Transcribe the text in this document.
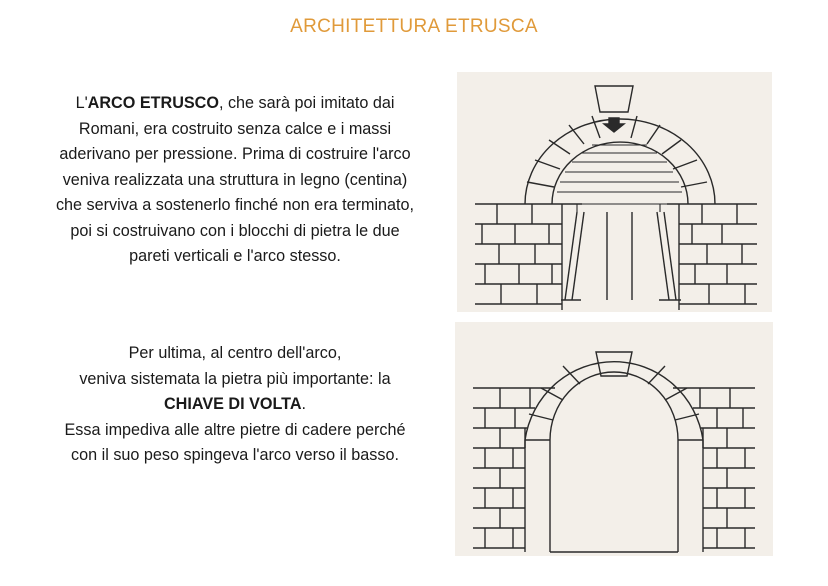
ARCHITETTURA ETRUSCA
L'ARCO ETRUSCO, che sarà poi imitato dai
Romani, era costruito senza calce e i massi
aderivano per pressione. Prima di costruire l'arco
veniva realizzata una struttura in legno (centina)
che serviva a sostenerlo finché non era terminato,
poi si costruivano con i blocchi di pietra le due
pareti verticali e l'arco stesso.
Per ultima, al centro dell'arco,
veniva sistemata la pietra più importante: la
CHIAVE DI VOLTA.
Essa impediva alle altre pietre di cadere perché
con il suo peso spingeva l'arco verso il basso.
